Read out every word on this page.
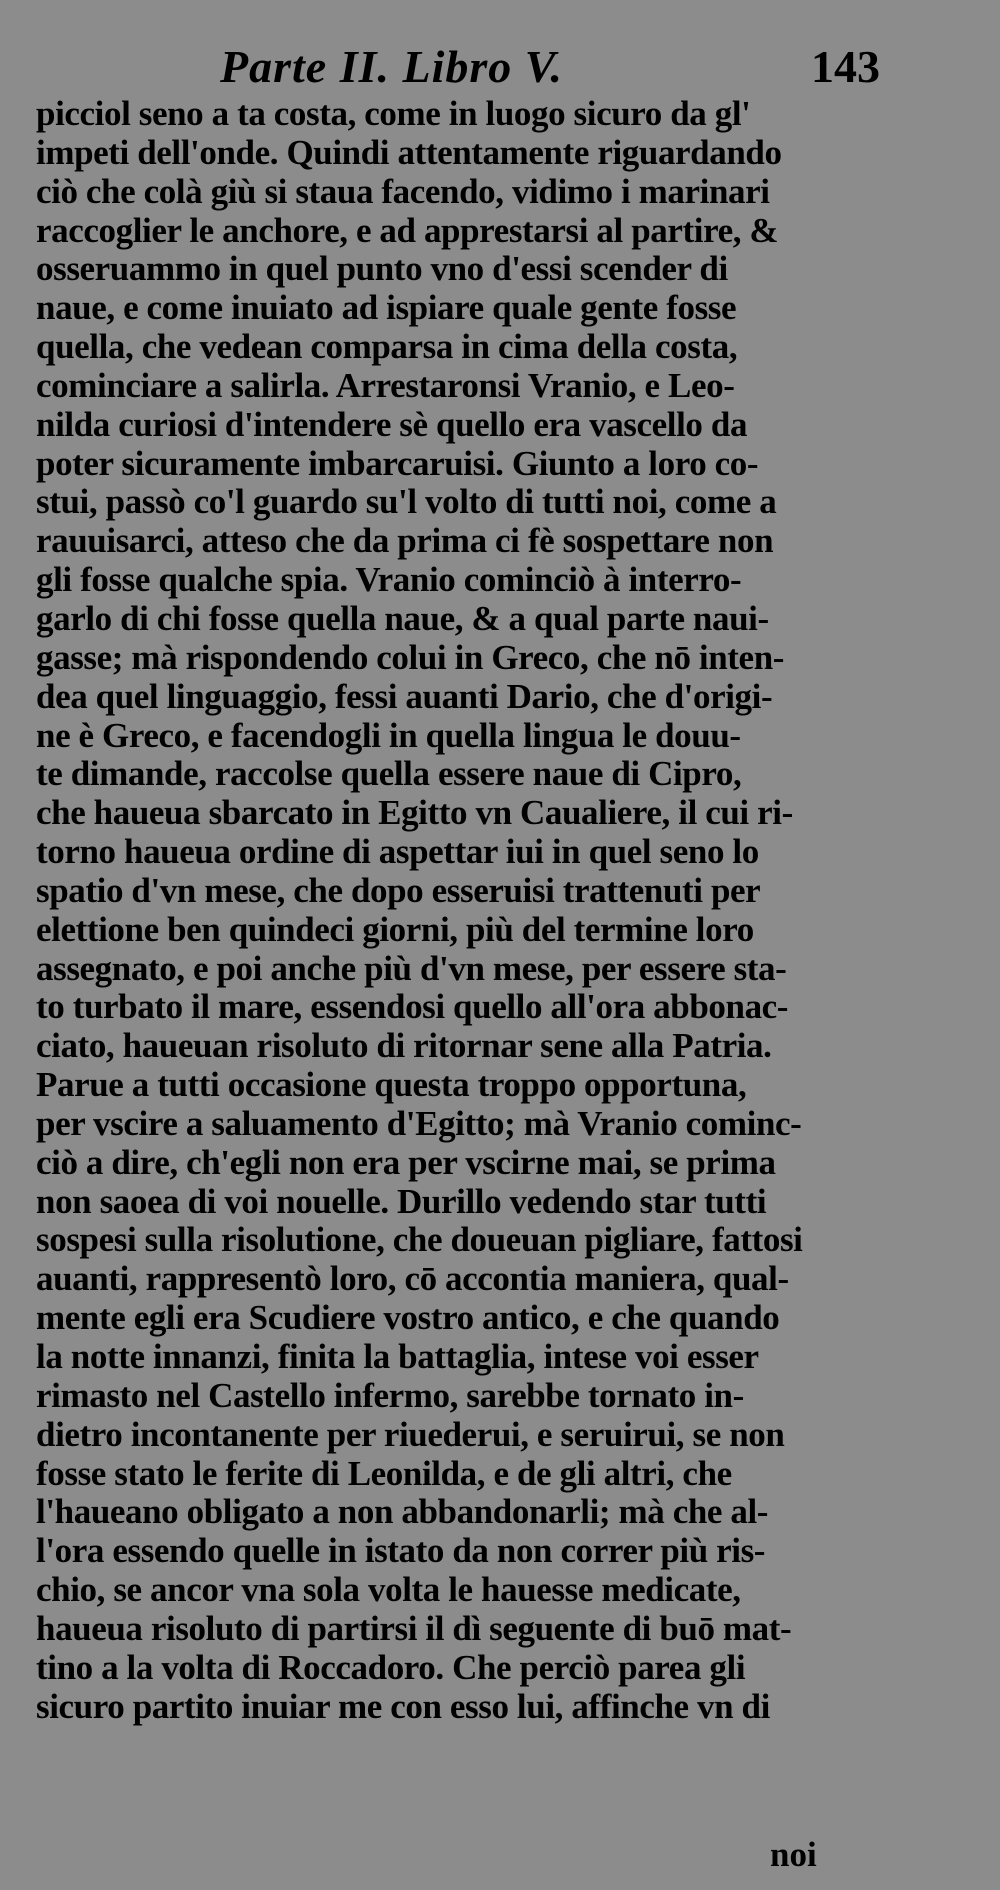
Parte II. Libro V.	143
picciol seno a ta costa, come in luogo sicuro da gl'
impeti dell'onde. Quindi attentamente riguardando
ciò che colà giù si staua facendo, vidimo i marinari
raccoglier le anchore, e ad apprestarsi al partire, &
osseruammo in quel punto vno d'essi scender di
naue, e come inuiato ad ispiare quale gente fosse
quella, che vedean comparsa in cima della costa,
cominciare a salirla. Arrestaronsi Vranio, e Leo-
nilda curiosi d'intendere sè quello era vascello da
poter sicuramente imbarcaruisi. Giunto a loro co-
stui, passò co'l guardo su'l volto di tutti noi, come a
rauuisarci, atteso che da prima ci fè sospettare non
gli fosse qualche spia. Vranio cominciò à interro-
garlo di chi fosse quella naue, & a qual parte naui-
gasse; mà rispondendo colui in Greco, che nō inten-
dea quel linguaggio, fessi auanti Dario, che d'origi-
ne è Greco, e facendogli in quella lingua le douu-
te dimande, raccolse quella essere naue di Cipro,
che haueua sbarcato in Egitto vn Caualiere, il cui ri-
torno haueua ordine di aspettar iui in quel seno lo
spatio d'vn mese, che dopo esseruisi trattenuti per
elettione ben quindeci giorni, più del termine loro
assegnato, e poi anche più d'vn mese, per essere sta-
to turbato il mare, essendosi quello all'ora abbonac-
ciato, haueuan risoluto di ritornar sene alla Patria.
Parue a tutti occasione questa troppo opportuna,
per vscire a saluamento d'Egitto; mà Vranio cominc-
ciò a dire, ch'egli non era per vscirne mai, se prima
non saoea di voi nouelle. Durillo vedendo star tutti
sospesi sulla risolutione, che doueuan pigliare, fattosi
auanti, rappresentò loro, cō accontia maniera, qual-
mente egli era Scudiere vostro antico, e che quando
la notte innanzi, finita la battaglia, intese voi esser
rimasto nel Castello infermo, sarebbe tornato in-
dietro incontanente per riuederui, e seruirui, se non
fosse stato le ferite di Leonilda, e de gli altri, che
l'haueano obligato a non abbandonarli; mà che al-
l'ora essendo quelle in istato da non correr più ris-
chio, se ancor vna sola volta le hauesse medicate,
haueua risoluto di partirsi il dì seguente di buō mat-
tino a la volta di Roccadoro. Che perciò parea gli
sicuro partito inuiar me con esso lui, affinche vn di
noi
